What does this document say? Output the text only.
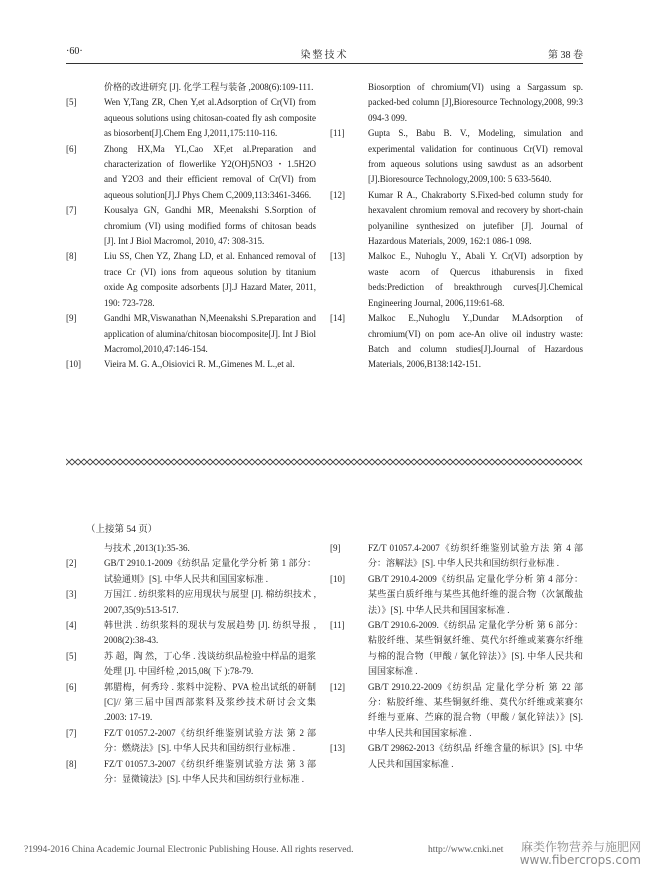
·60·	染整技术	第 38 卷

价格的改进研究 [J]. 化学工程与装备 ,2008(6):109-111.

[5]	Wen Y,Tang ZR, Chen Y,et al.Adsorption of Cr(VI) from aqueous solutions using chitosan-coated fly ash composite as biosorbent[J].Chem Eng J,2011,175:110-116.

[6]	Zhong HX,Ma YL,Cao XF,et al.Preparation and characterization of flowerlike Y2(OH)5NO3・1.5H2O and Y2O3 and their efficient removal of Cr(VI) from aqueous solution[J].J Phys Chem C,2009,113:3461-3466.

[7]	Kousalya GN, Gandhi MR, Meenakshi S.Sorption of chromium (VI) using modified forms of chitosan beads [J]. Int J Biol Macromol, 2010, 47: 308-315.

[8]	Liu SS, Chen YZ, Zhang LD, et al. Enhanced removal of trace Cr (VI) ions from aqueous solution by titanium oxide Ag composite adsorbents [J].J Hazard Mater, 2011, 190: 723-728.

[9]	Gandhi MR,Viswanathan N,Meenakshi S.Preparation and application of alumina/chitosan biocomposite[J]. Int J Biol Macromol,2010,47:146-154.

[10]	Vieira M. G. A.,Oisiovici R. M.,Gimenes M. L.,et al.

Biosorption of chromium(VI) using a Sargassum sp. packed-bed column [J],Bioresource Technology,2008, 99:3 094-3 099.

[11]	Gupta S., Babu B. V., Modeling, simulation and experimental validation for continuous Cr(VI) removal from aqueous solutions using sawdust as an adsorbent [J].Bioresource Technology,2009,100: 5 633-5640.

[12]	Kumar R A., Chakraborty S.Fixed-bed column study for hexavalent chromium removal and recovery by short-chain polyaniline synthesized on jutefiber [J]. Journal of Hazardous Materials, 2009, 162:1 086-1 098.

[13]	Malkoc E., Nuhoglu Y., Abali Y. Cr(VI) adsorption by waste acorn of Quercus ithaburensis in fixed beds:Prediction of breakthrough curves[J].Chemical Engineering Journal, 2006,119:61-68.

[14]	Malkoc E.,Nuhoglu Y.,Dundar M.Adsorption of chromium(VI) on pom ace-An olive oil industry waste: Batch and column studies[J].Journal of Hazardous Materials, 2006,B138:142-151.

（上接第 54 页）

与技术 ,2013(1):35-36.

[2]	GB/T 2910.1-2009《纺织品 定量化学分析 第 1 部分：试验通则》[S]. 中华人民共和国国家标准 .

[3]	万国江 . 纺织浆料的应用现状与展望 [J]. 棉纺织技术 , 2007,35(9):513-517.

[4]	韩世洪 . 纺织浆料的现状与发展趋势 [J]. 纺织导报 , 2008(2):38-43.

[5]	苏 超，陶 然，丁心华 . 浅谈纺织品检验中样品的退浆处理 [J]. 中国纤检 ,2015,08( 下 ):78-79.

[6]	郭腊梅，何秀玲 . 浆料中淀粉、PVA 检出试纸的研制 [C]// 第三届中国西部浆料及浆纱技术研讨会文集 .2003: 17-19.

[7]	FZ/T 01057.2-2007《纺织纤维鉴别试验方法 第 2 部分：燃烧法》[S]. 中华人民共和国纺织行业标准 .

[8]	FZ/T 01057.3-2007《纺织纤维鉴别试验方法 第 3 部分：显微镜法》[S]. 中华人民共和国纺织行业标准 .

[9]	FZ/T 01057.4-2007《纺织纤维鉴别试验方法 第 4 部分：溶解法》[S]. 中华人民共和国纺织行业标准 .

[10]	GB/T 2910.4-2009《纺织品 定量化学分析 第 4 部分：某些蛋白质纤维与某些其他纤维的混合物（次氯酸盐法）》[S]. 中华人民共和国国家标准 .

[11]	GB/T 2910.6-2009.《纺织品 定量化学分析 第 6 部分：粘胶纤维、某些铜氨纤维、莫代尔纤维或莱赛尔纤维与棉的混合物（甲酸 / 氯化锌法）》[S]. 中华人民共和国国家标准 .

[12]	GB/T 2910.22-2009《纺织品 定量化学分析 第 22 部分：粘胶纤维、某些铜氨纤维、莫代尔纤维或莱赛尔纤维与亚麻、苎麻的混合物（甲酸 / 氯化锌法）》[S]. 中华人民共和国国家标准 .

[13]	GB/T 29862-2013《纺织品 纤维含量的标识》[S]. 中华人民共和国国家标准 .

?1994-2016 China Academic Journal Electronic Publishing House. All rights reserved.	http://www.cnki.net 麻类作物营养与施肥网
www.fibercrops.com
